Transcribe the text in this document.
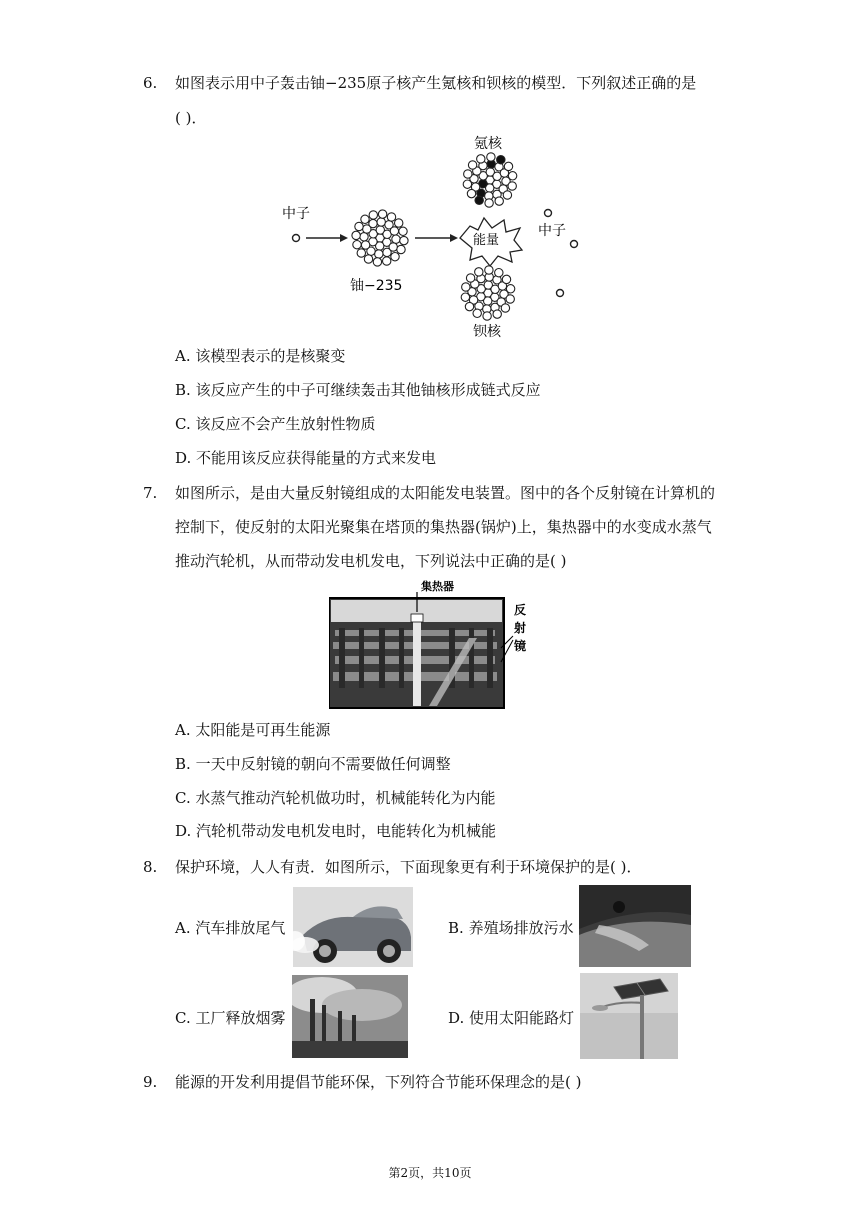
6. 如图表示用中子轰击铀−235原子核产生氪核和钡核的模型．下列叙述正确的是
( )．
中子
铀−235
能量
氪核
钡核
中子
A. 该模型表示的是核聚变
B. 该反应产生的中子可继续轰击其他铀核形成链式反应
C. 该反应不会产生放射性物质
D. 不能用该反应获得能量的方式来发电
7. 如图所示，是由大量反射镜组成的太阳能发电装置。图中的各个反射镜在计算机的
控制下，使反射的太阳光聚集在塔顶的集热器(锅炉)上，集热器中的水变成水蒸气
推动汽轮机，从而带动发电机发电，下列说法中正确的是( )
集热器
反
射
镜
A. 太阳能是可再生能源
B. 一天中反射镜的朝向不需要做任何调整
C. 水蒸气推动汽轮机做功时，机械能转化为内能
D. 汽轮机带动发电机发电时，电能转化为机械能
8. 保护环境，人人有责．如图所示，下面现象更有利于环境保护的是( )．
A. 汽车排放尾气	B. 养殖场排放污水
C. 工厂释放烟雾	D. 使用太阳能路灯
9. 能源的开发利用提倡节能环保，下列符合节能环保理念的是( )
第2页，共10页
